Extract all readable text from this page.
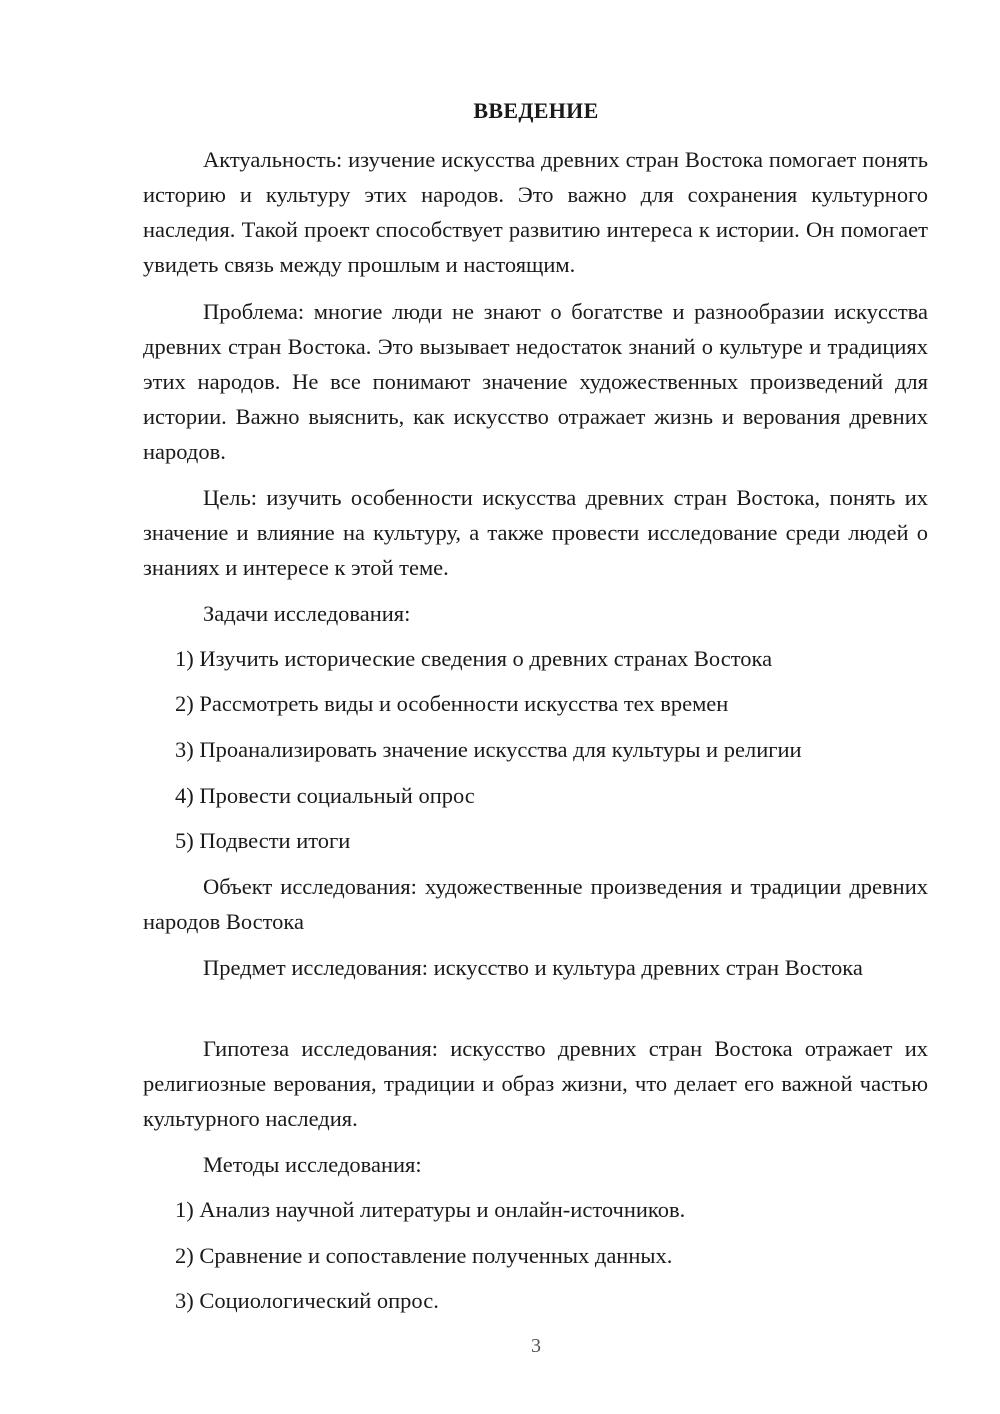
ВВЕДЕНИЕ

Актуальность: изучение искусства древних стран Востока помогает понять историю и культуру этих народов. Это важно для сохранения культурного наследия. Такой проект способствует развитию интереса к истории. Он помогает увидеть связь между прошлым и настоящим.

Проблема: многие люди не знают о богатстве и разнообразии искусства древних стран Востока. Это вызывает недостаток знаний о культуре и традициях этих народов. Не все понимают значение художественных произведений для истории. Важно выяснить, как искусство отражает жизнь и верования древних народов.

Цель: изучить особенности искусства древних стран Востока, понять их значение и влияние на культуру, а также провести исследование среди людей о знаниях и интересе к этой теме.

Задачи исследования:

1) Изучить исторические сведения о древних странах Востока

2) Рассмотреть виды и особенности искусства тех времен

3) Проанализировать значение искусства для культуры и религии

4) Провести социальный опрос

5) Подвести итоги

Объект исследования: художественные произведения и традиции древних народов Востока

Предмет исследования: искусство и культура древних стран Востока

Гипотеза исследования: искусство древних стран Востока отражает их религиозные верования, традиции и образ жизни, что делает его важной частью культурного наследия.

Методы исследования:

1) Анализ научной литературы и онлайн-источников.

2) Сравнение и сопоставление полученных данных.

3) Социологический опрос.

3
